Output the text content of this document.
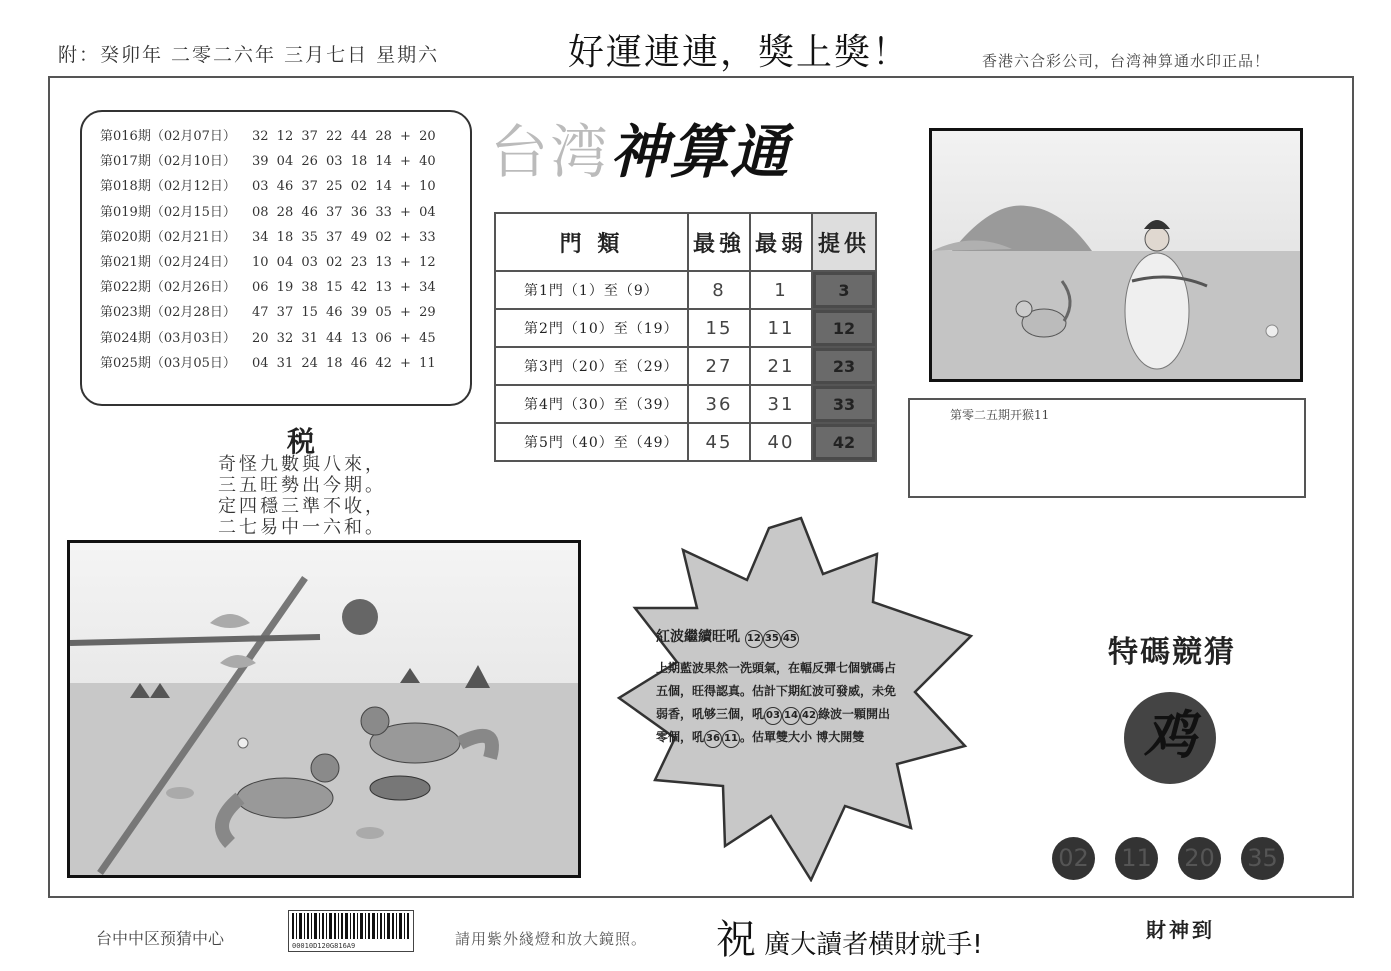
附：癸卯年 二零二六年 三月七日 星期六	好運連連，獎上獎！	香港六合彩公司，台湾神算通水印正品！
第016期（02月07日）	32 12 37 22 44 28 + 20
第017期（02月10日）	39 04 26 03 18 14 + 40
第018期（02月12日）	03 46 37 25 02 14 + 10
第019期（02月15日）	08 28 46 37 36 33 + 04
第020期（02月21日）	34 18 35 37 49 02 + 33
第021期（02月24日）	10 04 03 02 23 13 + 12
第022期（02月26日）	06 19 38 15 42 13 + 34
第023期（02月28日）	47 37 15 46 39 05 + 29
第024期（03月03日）	20 32 31 44 13 06 + 45
第025期（03月05日）	04 31 24 18 46 42 + 11
台湾神算通
門 類	最強	最弱	提供
第1門（1）至（9）	8	1	3
第2門（10）至（19）	15	11	12
第3門（20）至（29）	27	21	23
第4門（30）至（39）	36	31	33
第5門（40）至（49）	45	40	42
第零二五期开猴11
税
奇怪九數與八來，
三五旺勢出今期。
定四穩三準不收，
二七易中一六和。
紅波繼續旺吼 12 35 45
上期藍波果然一洗頭氣，在輻反彈七個號碼占
五個，旺得認真。估計下期紅波可發威，未免
弱香，吼够三個，吼 03 14 42 綠波一顆開出
零個，吼 36 11 。估單雙大小 博大開雙
特碼競猜
鸡
02 11 20 35
台中中区预猜中心	00010D120G816A9	請用紫外綫燈和放大鏡照。 祝 廣大讀者横財就手!	財神到
